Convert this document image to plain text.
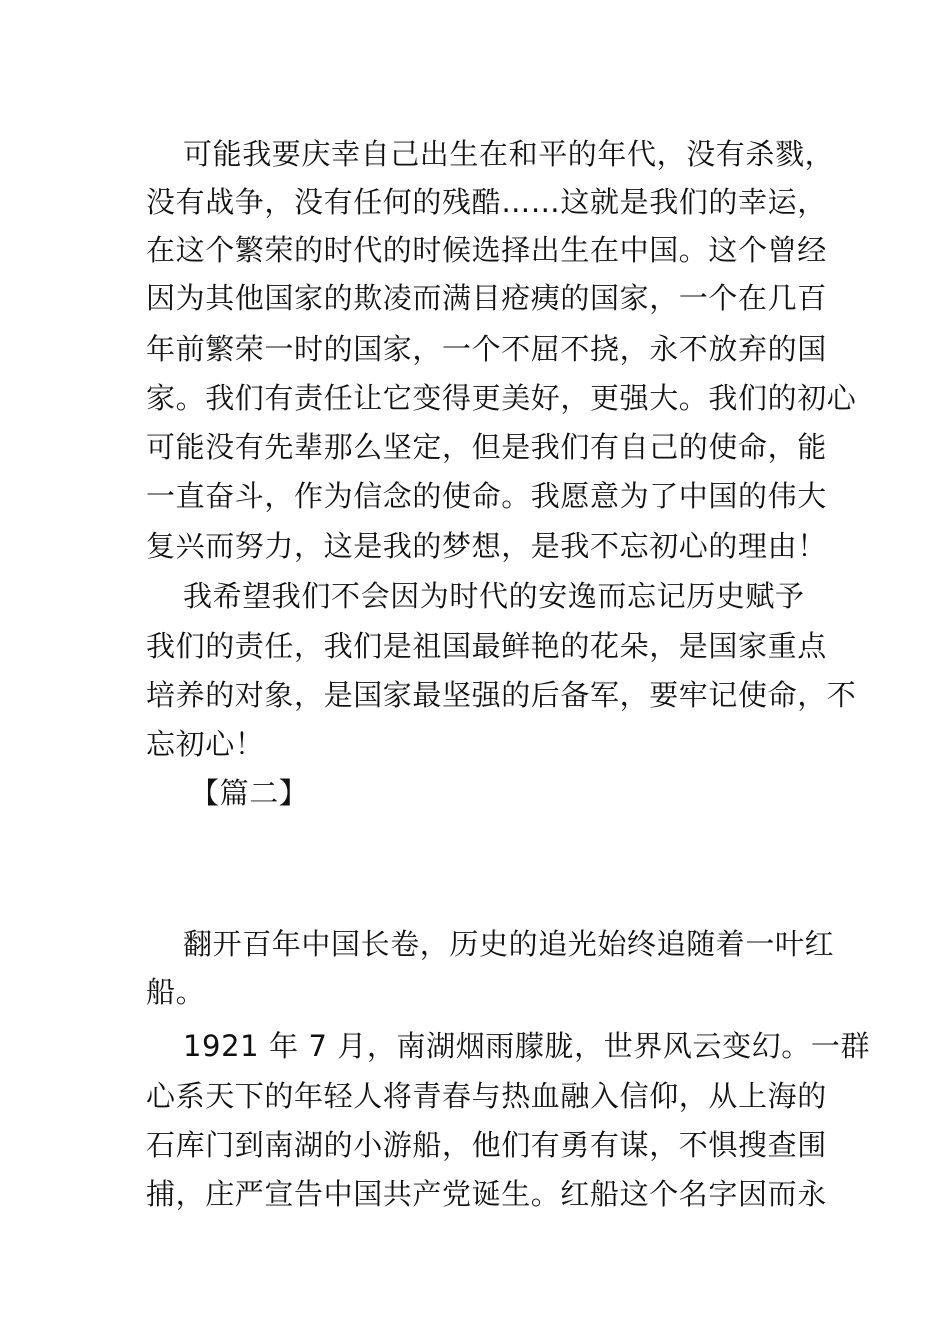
可能我要庆幸自己出生在和平的年代，没有杀戮，
没有战争，没有任何的残酷……这就是我们的幸运，
在这个繁荣的时代的时候选择出生在中国。这个曾经
因为其他国家的欺凌而满目疮痍的国家，一个在几百
年前繁荣一时的国家，一个不屈不挠，永不放弃的国
家。我们有责任让它变得更美好，更强大。我们的初心
可能没有先辈那么坚定，但是我们有自己的使命，能
一直奋斗，作为信念的使命。我愿意为了中国的伟大
复兴而努力，这是我的梦想，是我不忘初心的理由！
我希望我们不会因为时代的安逸而忘记历史赋予
我们的责任，我们是祖国最鲜艳的花朵，是国家重点
培养的对象，是国家最坚强的后备军，要牢记使命，不
忘初心！
【篇二】
翻开百年中国长卷，历史的追光始终追随着一叶红
船。
1921 年 7 月，南湖烟雨朦胧，世界风云变幻。一群
心系天下的年轻人将青春与热血融入信仰，从上海的
石库门到南湖的小游船，他们有勇有谋，不惧搜查围
捕，庄严宣告中国共产党诞生。红船这个名字因而永
